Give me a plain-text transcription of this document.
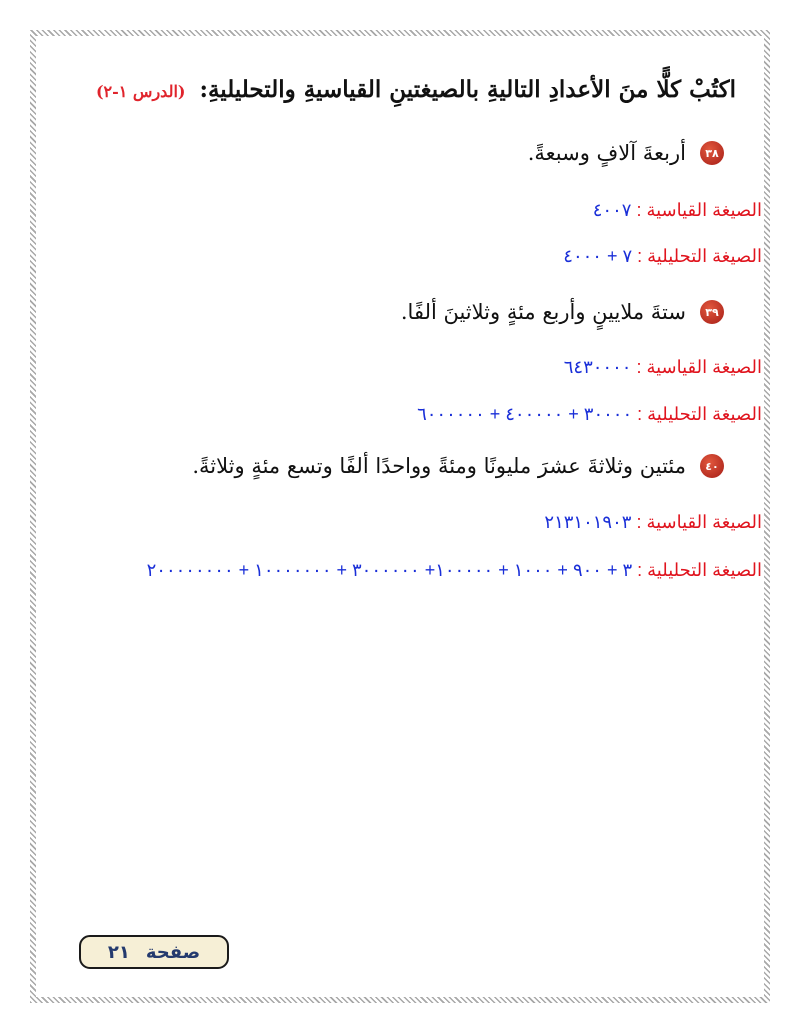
اكتُبْ كلًّا منَ الأعدادِ التاليةِ بالصيغتينِ القياسيةِ والتحليليةِ: (الدرس ١-٢)
٣٨
أربعةَ آلافٍ وسبعةً.
الصيغة القياسية : ٤٠٠٧
الصيغة التحليلية : ٧ + ٤٠٠٠
٣٩
ستةَ ملايينٍ وأربع مئةٍ وثلاثينَ ألفًا.
الصيغة القياسية : ٦٤٣٠٠٠٠
الصيغة التحليلية : ٣٠٠٠٠ + ٤٠٠٠٠٠ + ٦٠٠٠٠٠٠
٤٠
مئتين وثلاثةَ عشرَ مليونًا ومئةً وواحدًا ألفًا وتسع مئةٍ وثلاثةً.
الصيغة القياسية : ٢١٣١٠١٩٠٣
الصيغة التحليلية : ٣ + ٩٠٠ + ١٠٠٠ + ١٠٠٠٠٠+ ٣٠٠٠٠٠٠ + ١٠٠٠٠٠٠٠ + ٢٠٠٠٠٠٠٠٠
صفحة
٢١
